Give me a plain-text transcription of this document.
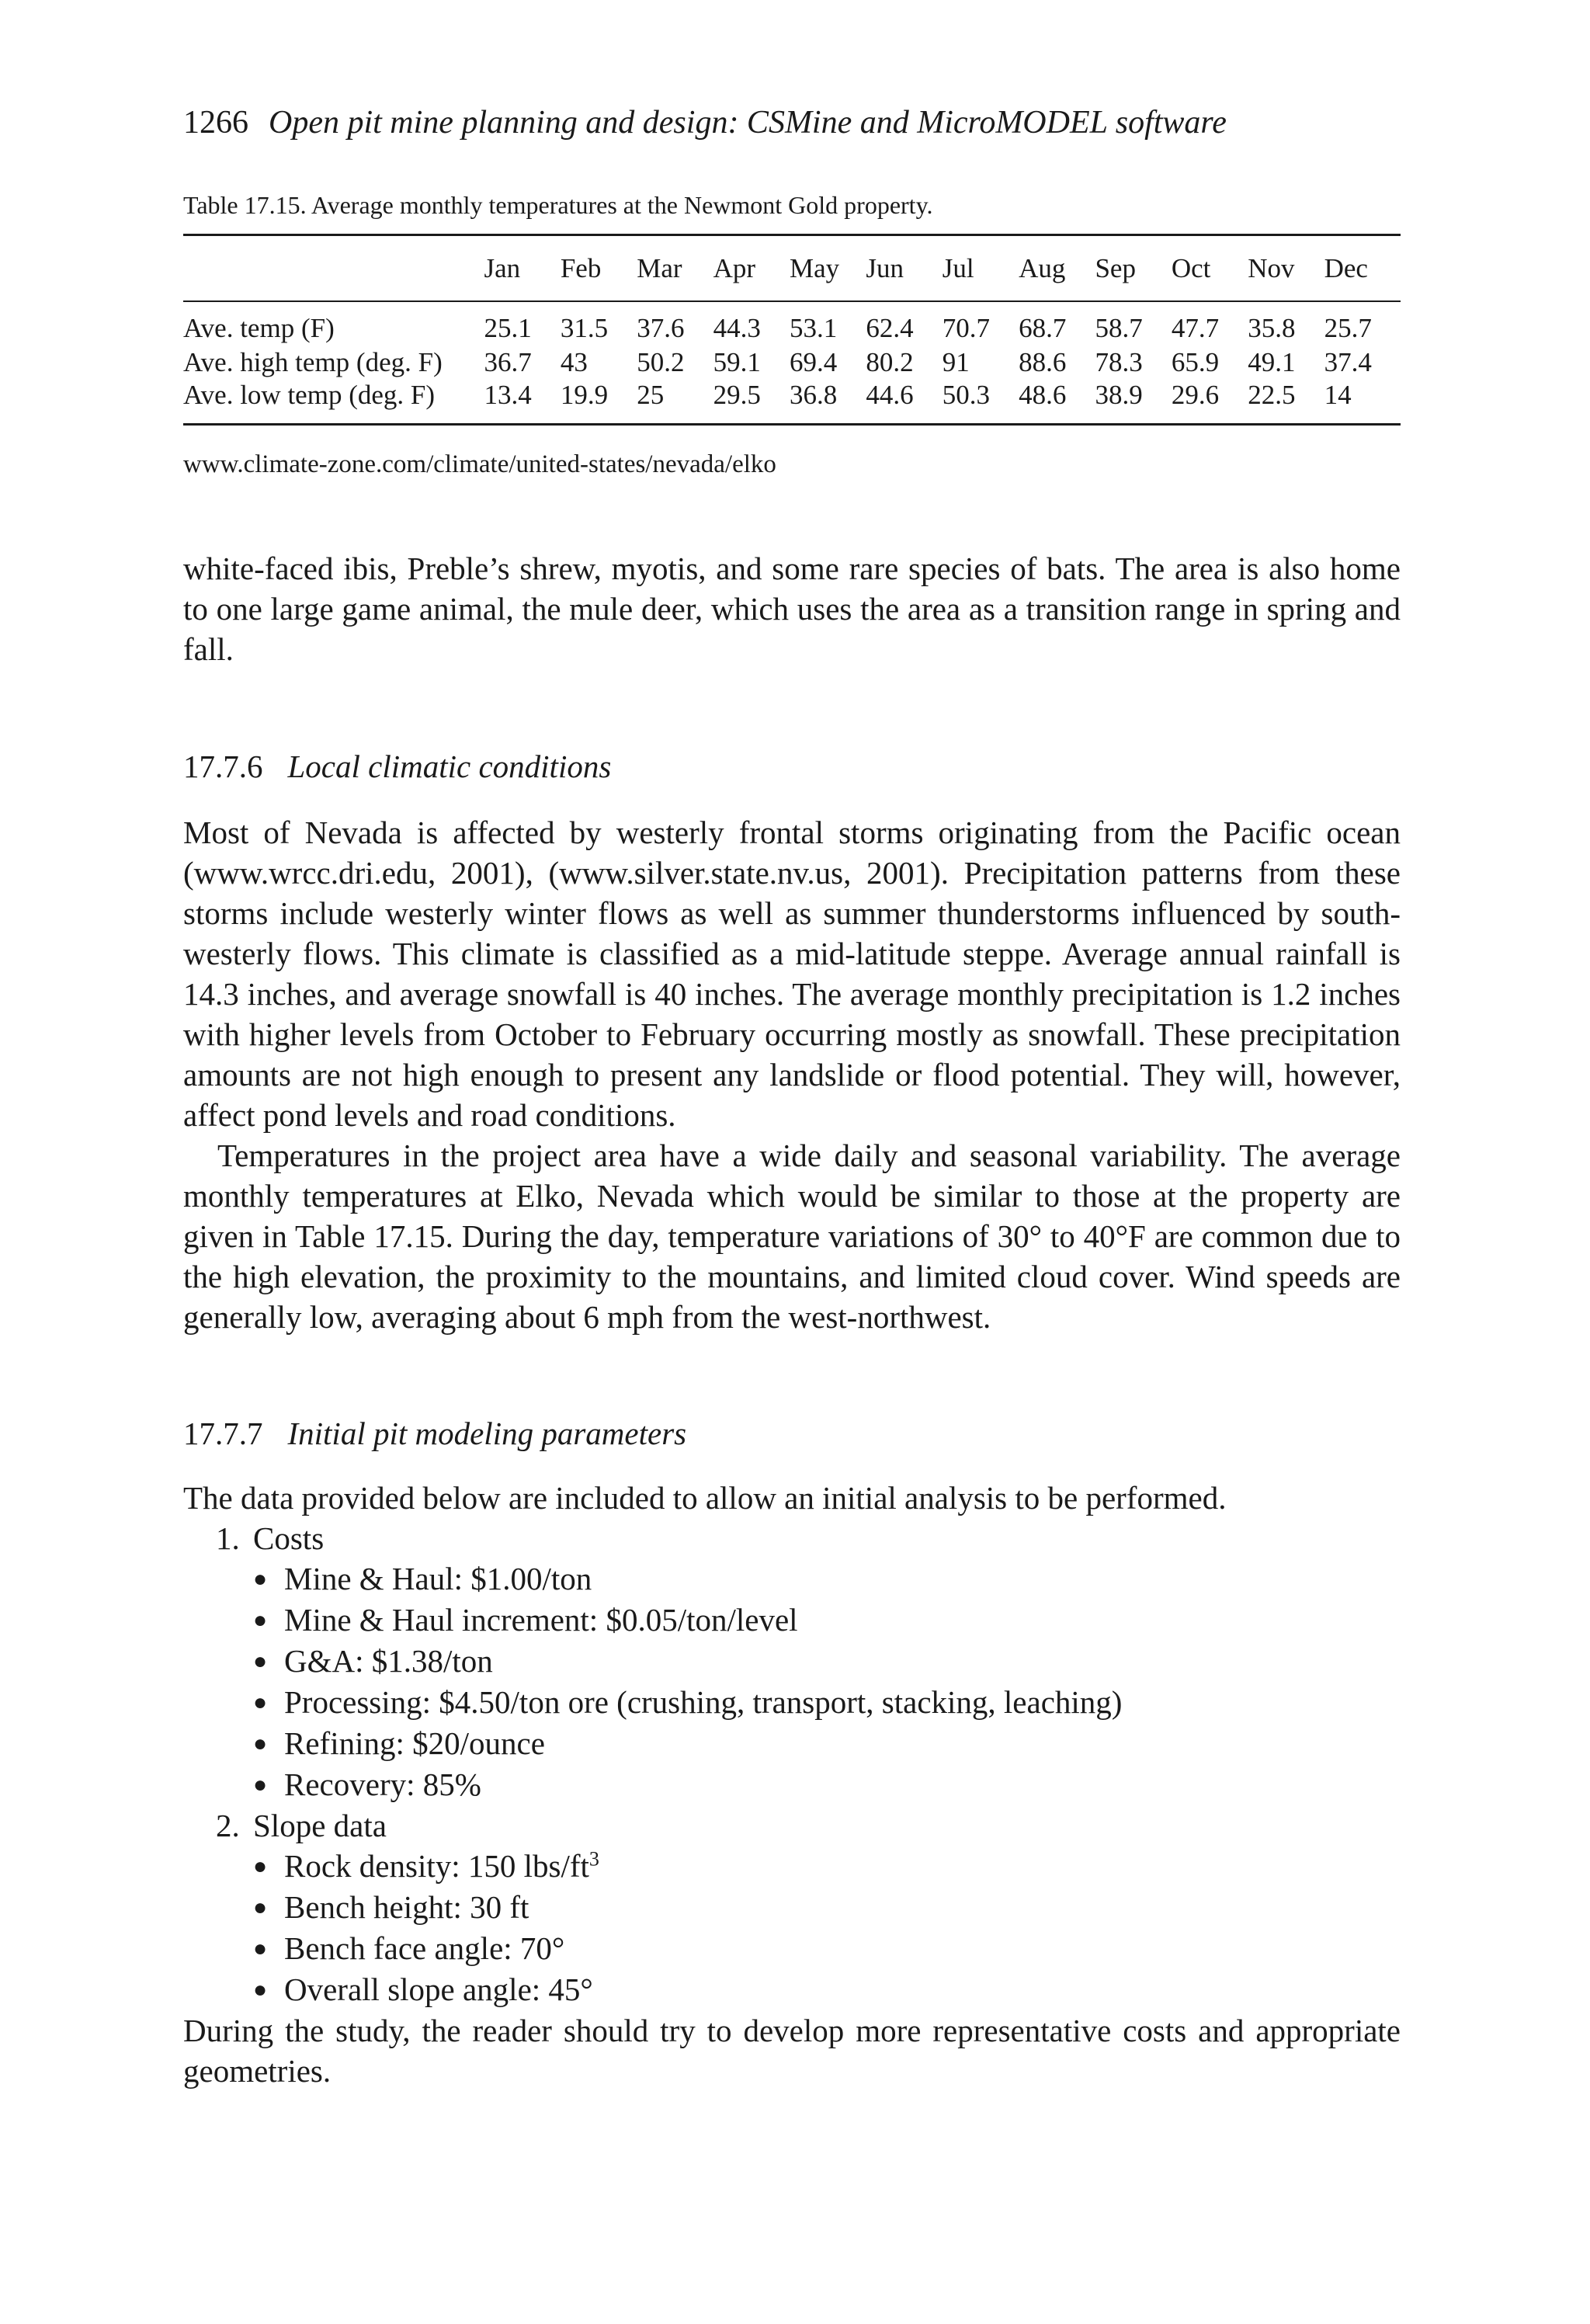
1266 Open pit mine planning and design: CSMine and MicroMODEL software
Table 17.15. Average monthly temperatures at the Newmont Gold property.
	Jan	Feb	Mar	Apr	May	Jun	Jul	Aug	Sep	Oct	Nov	Dec
Ave. temp (F)	25.1	31.5	37.6	44.3	53.1	62.4	70.7	68.7	58.7	47.7	35.8	25.7
Ave. high temp (deg. F)	36.7	43	50.2	59.1	69.4	80.2	91	88.6	78.3	65.9	49.1	37.4
Ave. low temp (deg. F)	13.4	19.9	25	29.5	36.8	44.6	50.3	48.6	38.9	29.6	22.5	14
www.climate-zone.com/climate/united-states/nevada/elko
white-faced ibis, Preble’s shrew, myotis, and some rare species of bats. The area is also home to one large game animal, the mule deer, which uses the area as a transition range in spring and fall.
17.7.6 Local climatic conditions
Most of Nevada is affected by westerly frontal storms originating from the Pacific ocean (www.wrcc.dri.edu, 2001), (www.silver.state.nv.us, 2001). Precipitation patterns from these storms include westerly winter flows as well as summer thunderstorms influenced by south-westerly flows. This climate is classified as a mid-latitude steppe. Average annual rainfall is 14.3 inches, and average snowfall is 40 inches. The average monthly precipitation is 1.2 inches with higher levels from October to February occurring mostly as snowfall. These precipitation amounts are not high enough to present any landslide or flood potential. They will, however, affect pond levels and road conditions.
Temperatures in the project area have a wide daily and seasonal variability. The average monthly temperatures at Elko, Nevada which would be similar to those at the property are given in Table 17.15. During the day, temperature variations of 30° to 40°F are common due to the high elevation, the proximity to the mountains, and limited cloud cover. Wind speeds are generally low, averaging about 6 mph from the west-northwest.
17.7.7 Initial pit modeling parameters
The data provided below are included to allow an initial analysis to be performed.
1. Costs
● Mine & Haul: $1.00/ton
● Mine & Haul increment: $0.05/ton/level
● G&A: $1.38/ton
● Processing: $4.50/ton ore (crushing, transport, stacking, leaching)
● Refining: $20/ounce
● Recovery: 85%
2. Slope data
● Rock density: 150 lbs/$ft^3$
● Bench height: 30 ft
● Bench face angle: 70°
● Overall slope angle: 45°
During the study, the reader should try to develop more representative costs and appropriate geometries.
